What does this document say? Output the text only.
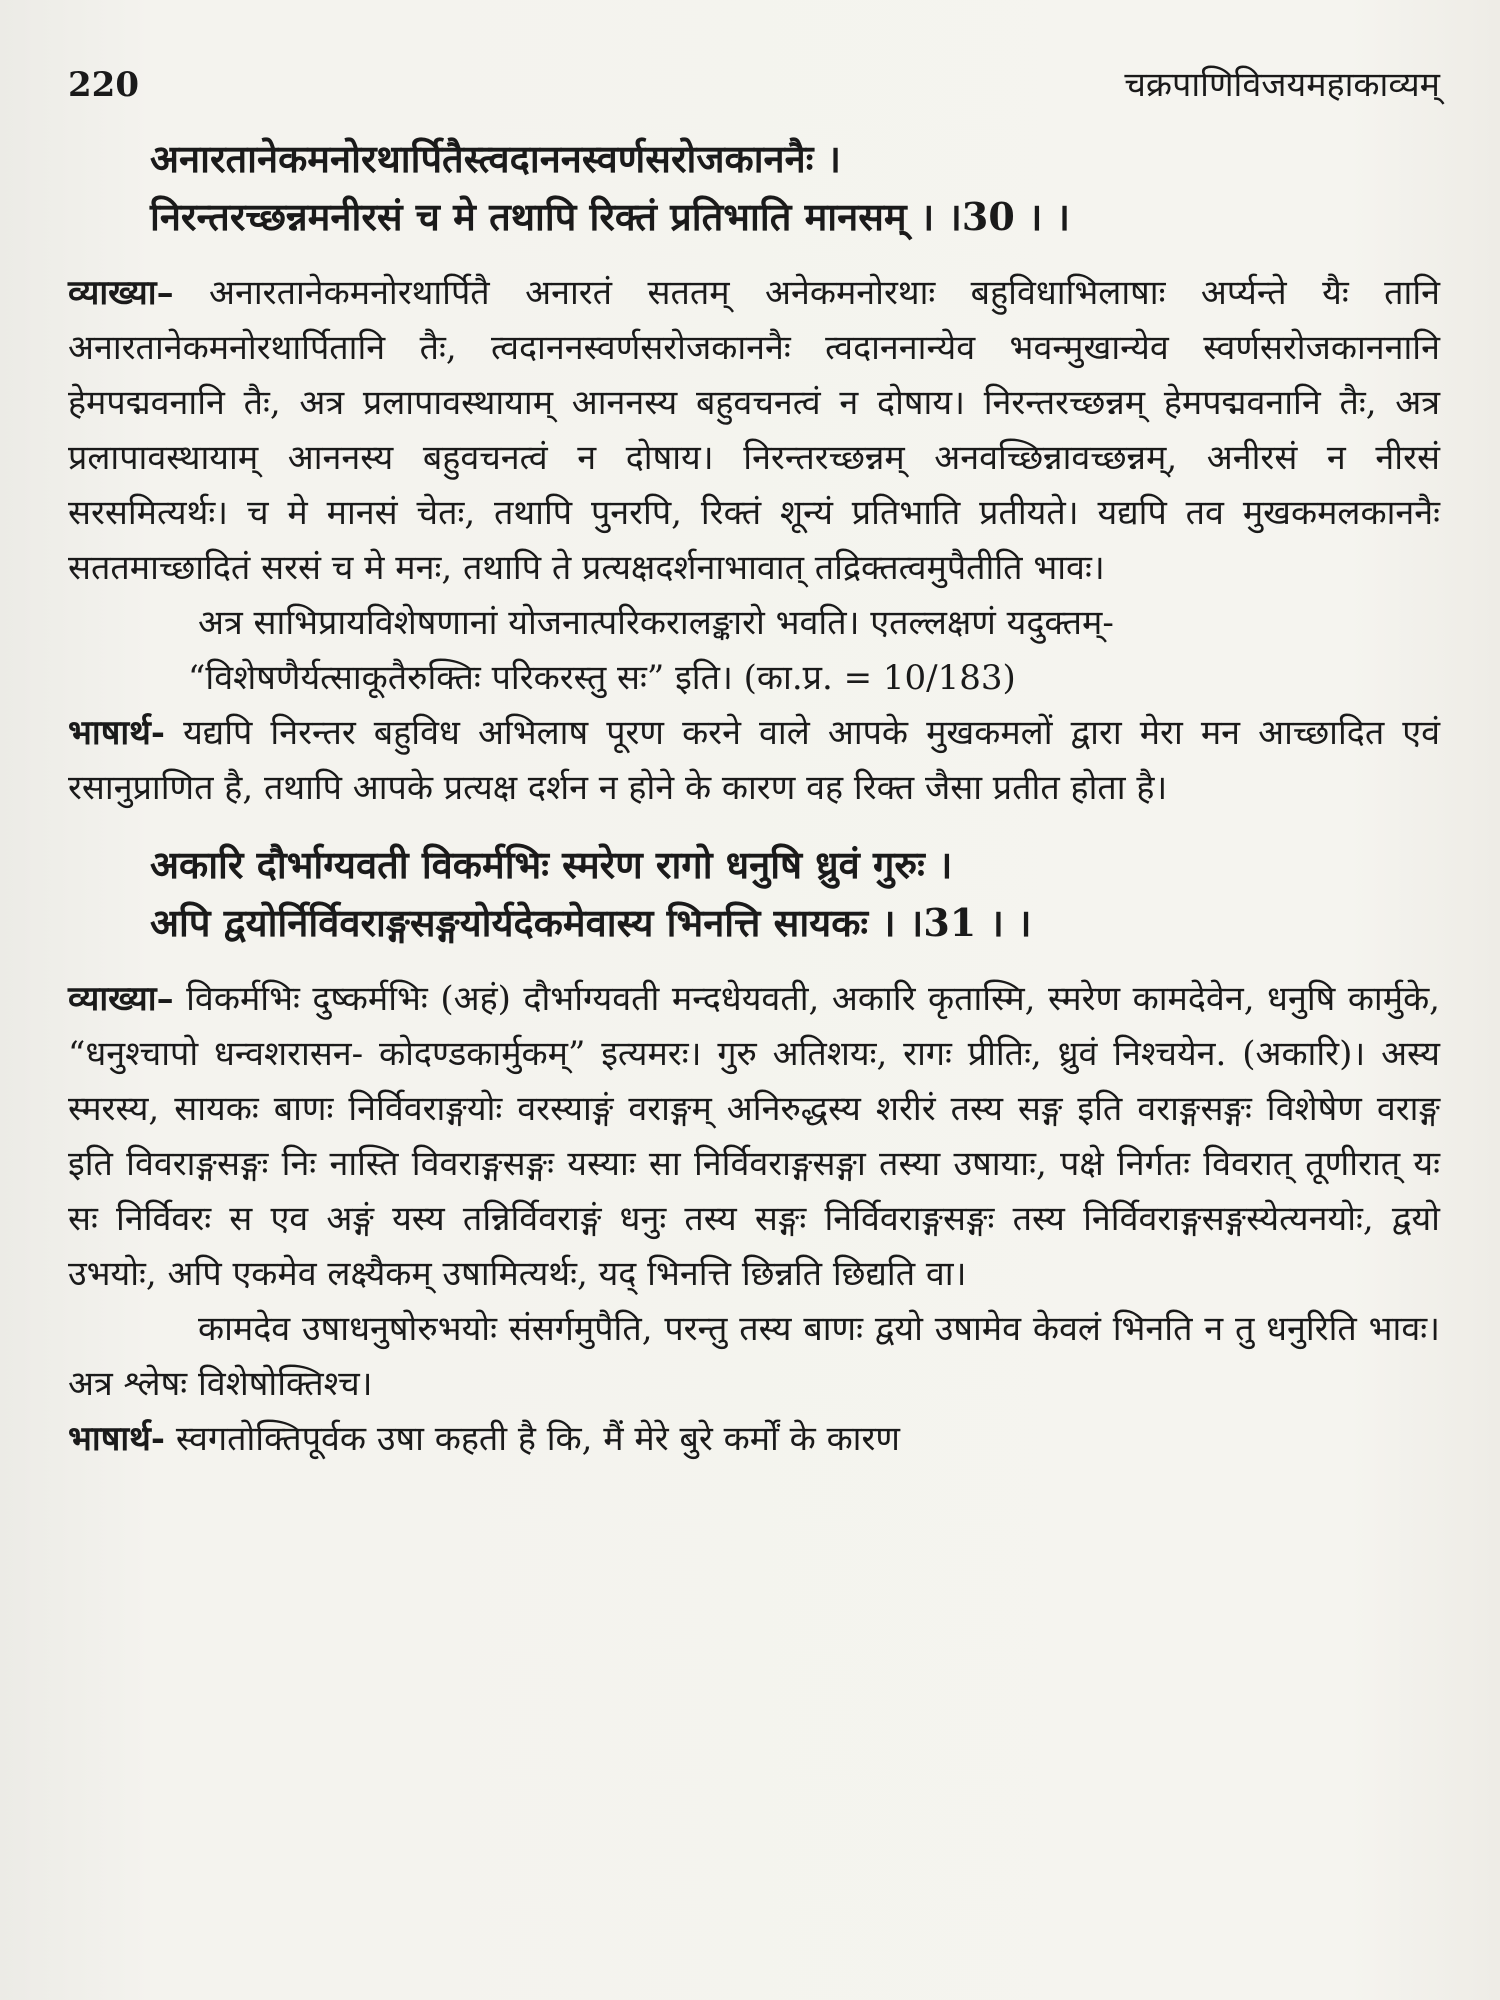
220	चक्रपाणिविजयमहाकाव्यम्
अनारतानेकमनोरथार्पितैस्त्वदाननस्वर्णसरोजकाननैः ।
निरन्तरच्छन्नमनीरसं च मे तथापि रिक्तं प्रतिभाति मानसम् । ।30 । ।

व्याख्या– अनारतानेकमनोरथार्पितै अनारतं सततम् अनेकमनोरथाः बहुविधाभिलाषाः अर्प्यन्ते यैः तानि अनारतानेकमनोरथार्पितानि तैः, त्वदाननस्वर्णसरोजकाननैः त्वदाननान्येव भवन्मुखान्येव स्वर्णसरोजकाननानि हेमपद्मवनानि तैः, अत्र प्रलापावस्थायाम् आननस्य बहुवचनत्वं न दोषाय। निरन्तरच्छन्नम् हेमपद्मवनानि तैः, अत्र प्रलापावस्थायाम् आननस्य बहुवचनत्वं न दोषाय। निरन्तरच्छन्नम् अनवच्छिन्नावच्छन्नम्, अनीरसं न नीरसं सरसमित्यर्थः। च मे मानसं चेतः, तथापि पुनरपि, रिक्तं शून्यं प्रतिभाति प्रतीयते। यद्यपि तव मुखकमलकाननैः सततमाच्छादितं सरसं च मे मनः, तथापि ते प्रत्यक्षदर्शनाभावात् तद्रिक्तत्वमुपैतीति भावः।

अत्र साभिप्रायविशेषणानां योजनात्परिकरालङ्कारो भवति। एतल्लक्षणं यदुक्तम्-

“विशेषणैर्यत्साकूतैरुक्तिः परिकरस्तु सः” इति। (का.प्र. = 10/183)

भाषार्थ- यद्यपि निरन्तर बहुविध अभिलाष पूरण करने वाले आपके मुखकमलों द्वारा मेरा मन आच्छादित एवं रसानुप्राणित है, तथापि आपके प्रत्यक्ष दर्शन न होने के कारण वह रिक्त जैसा प्रतीत होता है।

अकारि दौर्भाग्यवती विकर्मभिः स्मरेण रागो धनुषि ध्रुवं गुरुः ।
अपि द्वयोर्निर्विवराङ्गसङ्गयोर्यदेकमेवास्य भिनत्ति सायकः । ।31 । ।

व्याख्या– विकर्मभिः दुष्कर्मभिः (अहं) दौर्भाग्यवती मन्दधेयवती, अकारि कृतास्मि, स्मरेण कामदेवेन, धनुषि कार्मुके, “धनुश्चापो धन्वशरासन- कोदण्डकार्मुकम्” इत्यमरः। गुरु अतिशयः, रागः प्रीतिः, ध्रुवं निश्चयेन. (अकारि)। अस्य स्मरस्य, सायकः बाणः निर्विवराङ्गयोः वरस्याङ्गं वराङ्गम् अनिरुद्धस्य शरीरं तस्य सङ्ग इति वराङ्गसङ्गः विशेषेण वराङ्ग इति विवराङ्गसङ्गः निः नास्ति विवराङ्गसङ्गः यस्याः सा निर्विवराङ्गसङ्गा तस्या उषायाः, पक्षे निर्गतः विवरात् तूणीरात् यः सः निर्विवरः स एव अङ्गं यस्य तन्निर्विवराङ्गं धनुः तस्य सङ्गः निर्विवराङ्गसङ्गः तस्य निर्विवराङ्गसङ्गस्येत्यनयोः, द्वयो उभयोः, अपि एकमेव लक्ष्यैकम् उषामित्यर्थः, यद् भिनत्ति छिन्नति छिद्यति वा।

कामदेव उषाधनुषोरुभयोः संसर्गमुपैति, परन्तु तस्य बाणः द्वयो उषामेव केवलं भिनति न तु धनुरिति भावः। अत्र श्लेषः विशेषोक्तिश्च।

भाषार्थ- स्वगतोक्तिपूर्वक उषा कहती है कि, मैं मेरे बुरे कर्मों के कारण
